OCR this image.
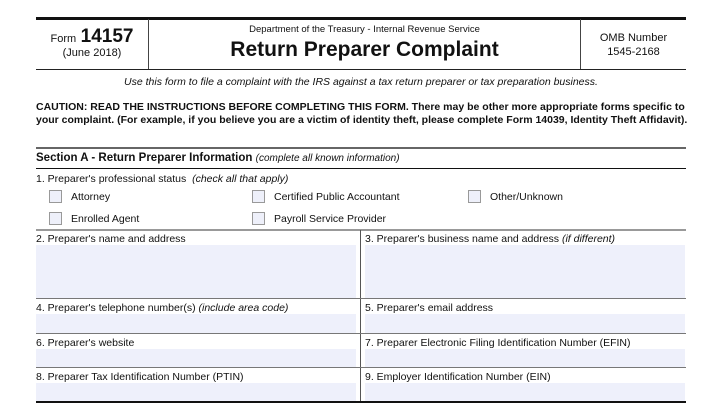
Form 14157
(June 2018)
Department of the Treasury - Internal Revenue Service
Return Preparer Complaint	OMB Number
1545-2168
Use this form to file a complaint with the IRS against a tax return preparer or tax preparation business.
CAUTION: READ THE INSTRUCTIONS BEFORE COMPLETING THIS FORM. There may be other more appropriate forms specific to your complaint. (For example, if you believe you are a victim of identity theft, please complete Form 14039, Identity Theft Affidavit).
Section A - Return Preparer Information (complete all known information)
1. Preparer's professional status (check all that apply)
Attorney	Certified Public Accountant	Other/Unknown
Enrolled Agent	Payroll Service Provider
2. Preparer's name and address	3. Preparer's business name and address (if different)
4. Preparer's telephone number(s) (include area code)	5. Preparer's email address
6. Preparer's website	7. Preparer Electronic Filing Identification Number (EFIN)
8. Preparer Tax Identification Number (PTIN)	9. Employer Identification Number (EIN)
